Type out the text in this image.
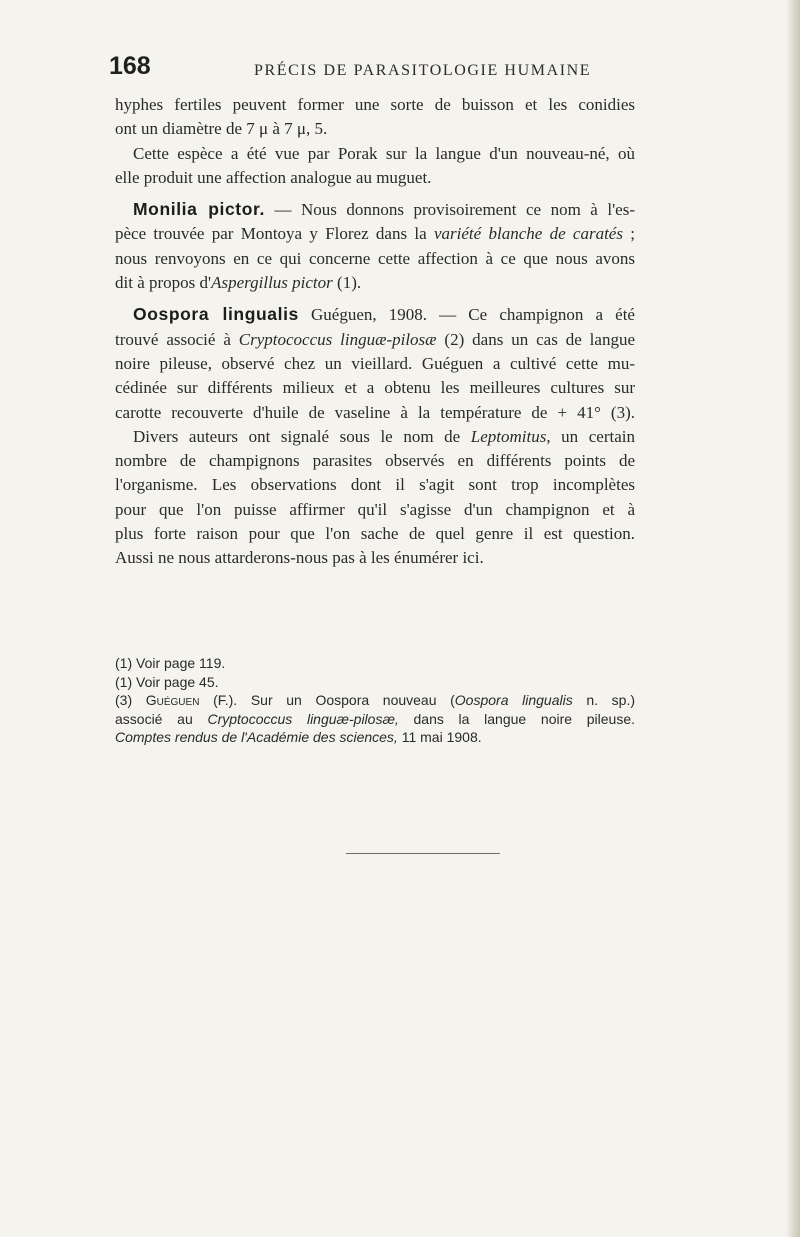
168	PRÉCIS DE PARASITOLOGIE HUMAINE

hyphes fertiles peuvent former une sorte de buisson et les conidies
ont un diamètre de 7 μ à 7 μ, 5.

Cette espèce a été vue par Porak sur la langue d'un nouveau-né, où
elle produit une affection analogue au muguet.

Monilia pictor. — Nous donnons provisoirement ce nom à l'es-
pèce trouvée par Montoya y Florez dans la variété blanche de caratés ;
nous renvoyons en ce qui concerne cette affection à ce que nous avons
dit à propos d'Aspergillus pictor (1).

Oospora lingualis Guéguen, 1908. — Ce champignon a été
trouvé associé à Cryptococcus linguæ-pilosæ (2) dans un cas de langue
noire pileuse, observé chez un vieillard. Guéguen a cultivé cette mu-
cédinée sur différents milieux et a obtenu les meilleures cultures sur
carotte recouverte d'huile de vaseline à la température de + 41° (3).

Divers auteurs ont signalé sous le nom de Leptomitus, un certain
nombre de champignons parasites observés en différents points de
l'organisme. Les observations dont il s'agit sont trop incomplètes
pour que l'on puisse affirmer qu'il s'agisse d'un champignon et à
plus forte raison pour que l'on sache de quel genre il est question.
Aussi ne nous attarderons-nous pas à les énumérer ici.

(1) Voir page 119.
(1) Voir page 45.
(3) Guéguen (F.). Sur un Oospora nouveau (Oospora lingualis n. sp.)
associé au Cryptococcus linguæ-pilosæ, dans la langue noire pileuse.
Comptes rendus de l'Académie des sciences, 11 mai 1908.
